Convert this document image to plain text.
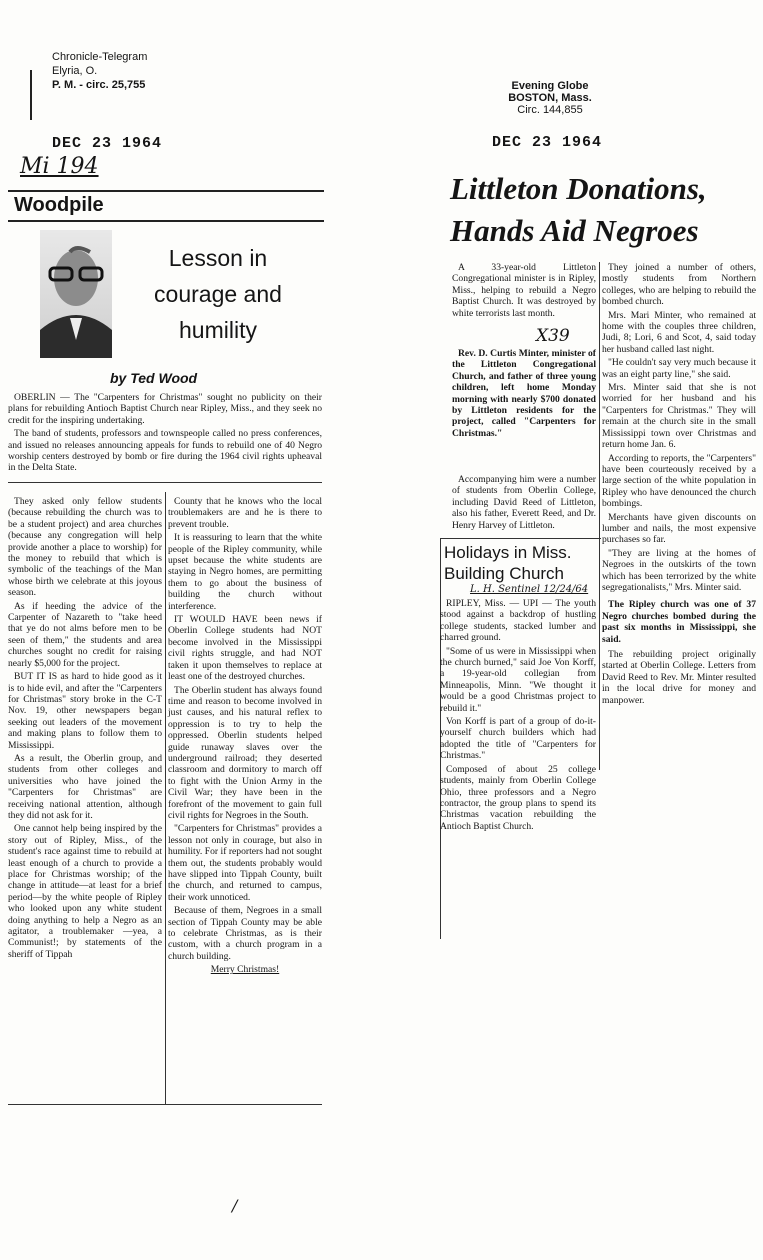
Chronicle-Telegram
Elyria, O.
P. M. - circ. 25,755
DEC 23 1964
Mi 194
Woodpile
Lesson in
courage and
humility
by Ted Wood

OBERLIN — The "Carpenters for Christmas" sought no publicity on their plans for rebuilding Antioch Baptist Church near Ripley, Miss., and they seek no credit for the inspiring undertaking.

The band of students, professors and townspeople called no press conferences, and issued no releases announcing appeals for funds to rebuild one of 40 Negro worship centers destroyed by bomb or fire during the 1964 civil rights upheaval in the Delta State.

They asked only fellow students (because rebuilding the church was to be a student project) and area churches (because any congregation will help provide another a place to worship) for the money to rebuild that which is symbolic of the teachings of the Man whose birth we celebrate at this joyous season.

As if heeding the advice of the Carpenter of Nazareth to "take heed that ye do not alms before men to be seen of them," the students and area churches sought no credit for raising nearly $5,000 for the project.

BUT IT IS as hard to hide good as it is to hide evil, and after the "Carpenters for Christmas" story broke in the C-T Nov. 19, other newspapers began seeking out leaders of the movement and making plans to follow them to Mississippi.

As a result, the Oberlin group, and students from other colleges and universities who have joined the "Carpenters for Christmas" are receiving national attention, although they did not ask for it.

One cannot help being inspired by the story out of Ripley, Miss., of the student's race against time to rebuild at least enough of a church to provide a place for Christmas worship; of the change in attitude—at least for a brief period—by the white people of Ripley who looked upon any white student doing anything to help a Negro as an agitator, a troublemaker —yea, a Communist!; by statements of the sheriff of Tippah

County that he knows who the local troublemakers are and he is there to prevent trouble.

It is reassuring to learn that the white people of the Ripley community, while upset because the white students are staying in Negro homes, are permitting them to go about the business of building the church without interference.

IT WOULD HAVE been news if Oberlin College students had NOT become involved in the Mississippi civil rights struggle, and had NOT taken it upon themselves to replace at least one of the destroyed churches.

The Oberlin student has always found time and reason to become involved in just causes, and his natural reflex to oppression is to try to help the oppressed. Oberlin students helped guide runaway slaves over the underground railroad; they deserted classroom and dormitory to march off to fight with the Union Army in the Civil War; they have been in the forefront of the movement to gain full civil rights for Negroes in the South.

"Carpenters for Christmas" provides a lesson not only in courage, but also in humility. For if reporters had not sought them out, the students probably would have slipped into Tippah County, built the church, and returned to campus, their work unnoticed.

Because of them, Negroes in a small section of Tippah County may be able to celebrate Christmas, as is their custom, with a church program in a church building.

Merry Christmas!

Evening Globe
BOSTON, Mass.
Circ. 144,855
DEC 23 1964
Littleton Donations,
Hands Aid Negroes

A 33-year-old Littleton Congregational minister is in Ripley, Miss., helping to rebuild a Negro Baptist Church. It was destroyed by white terrorists last month.

X39

Rev. D. Curtis Minter, minister of the Littleton Congregational Church, and father of three young children, left home Monday morning with nearly $700 donated by Littleton residents for the project, called "Carpenters for Christmas."

Accompanying him were a number of students from Oberlin College, including David Reed of Littleton, also his father, Everett Reed, and Dr. Henry Harvey of Littleton.

They joined a number of others, mostly students from Northern colleges, who are helping to rebuild the bombed church.

Mrs. Mari Minter, who remained at home with the couples three children, Judi, 8; Lori, 6 and Scot, 4, said today her husband called last night.

"He couldn't say very much because it was an eight party line," she said.

Mrs. Minter said that she is not worried for her husband and his "Carpenters for Christmas." They will remain at the church site in the small Mississippi town over Christmas and return home Jan. 6.

According to reports, the "Carpenters" have been courteously received by a large section of the white population in Ripley who have denounced the church bombings.

Merchants have given discounts on lumber and nails, the most expensive purchases so far.

"They are living at the homes of Negroes in the outskirts of the town which has been terrorized by the white segregationalists," Mrs. Minter said.

The Ripley church was one of 37 Negro churches bombed during the past six months in Mississippi, she said.

The rebuilding project originally started at Oberlin College. Letters from David Reed to Rev. Mr. Minter resulted in the local drive for money and manpower.

Holidays in Miss. Building Church
L. H. Sentinel 12/24/64

RIPLEY, Miss. — UPI — The youth stood against a backdrop of hustling college students, stacked lumber and charred ground.

"Some of us were in Mississippi when the church burned," said Joe Von Korff, a 19-year-old collegian from Minneapolis, Minn. "We thought it would be a good Christmas project to rebuild it."

Von Korff is part of a group of do-it-yourself church builders which had adopted the title of "Carpenters for Christmas."

Composed of about 25 college students, mainly from Oberlin College Ohio, three professors and a Negro contractor, the group plans to spend its Christmas vacation rebuilding the Antioch Baptist Church.

/
